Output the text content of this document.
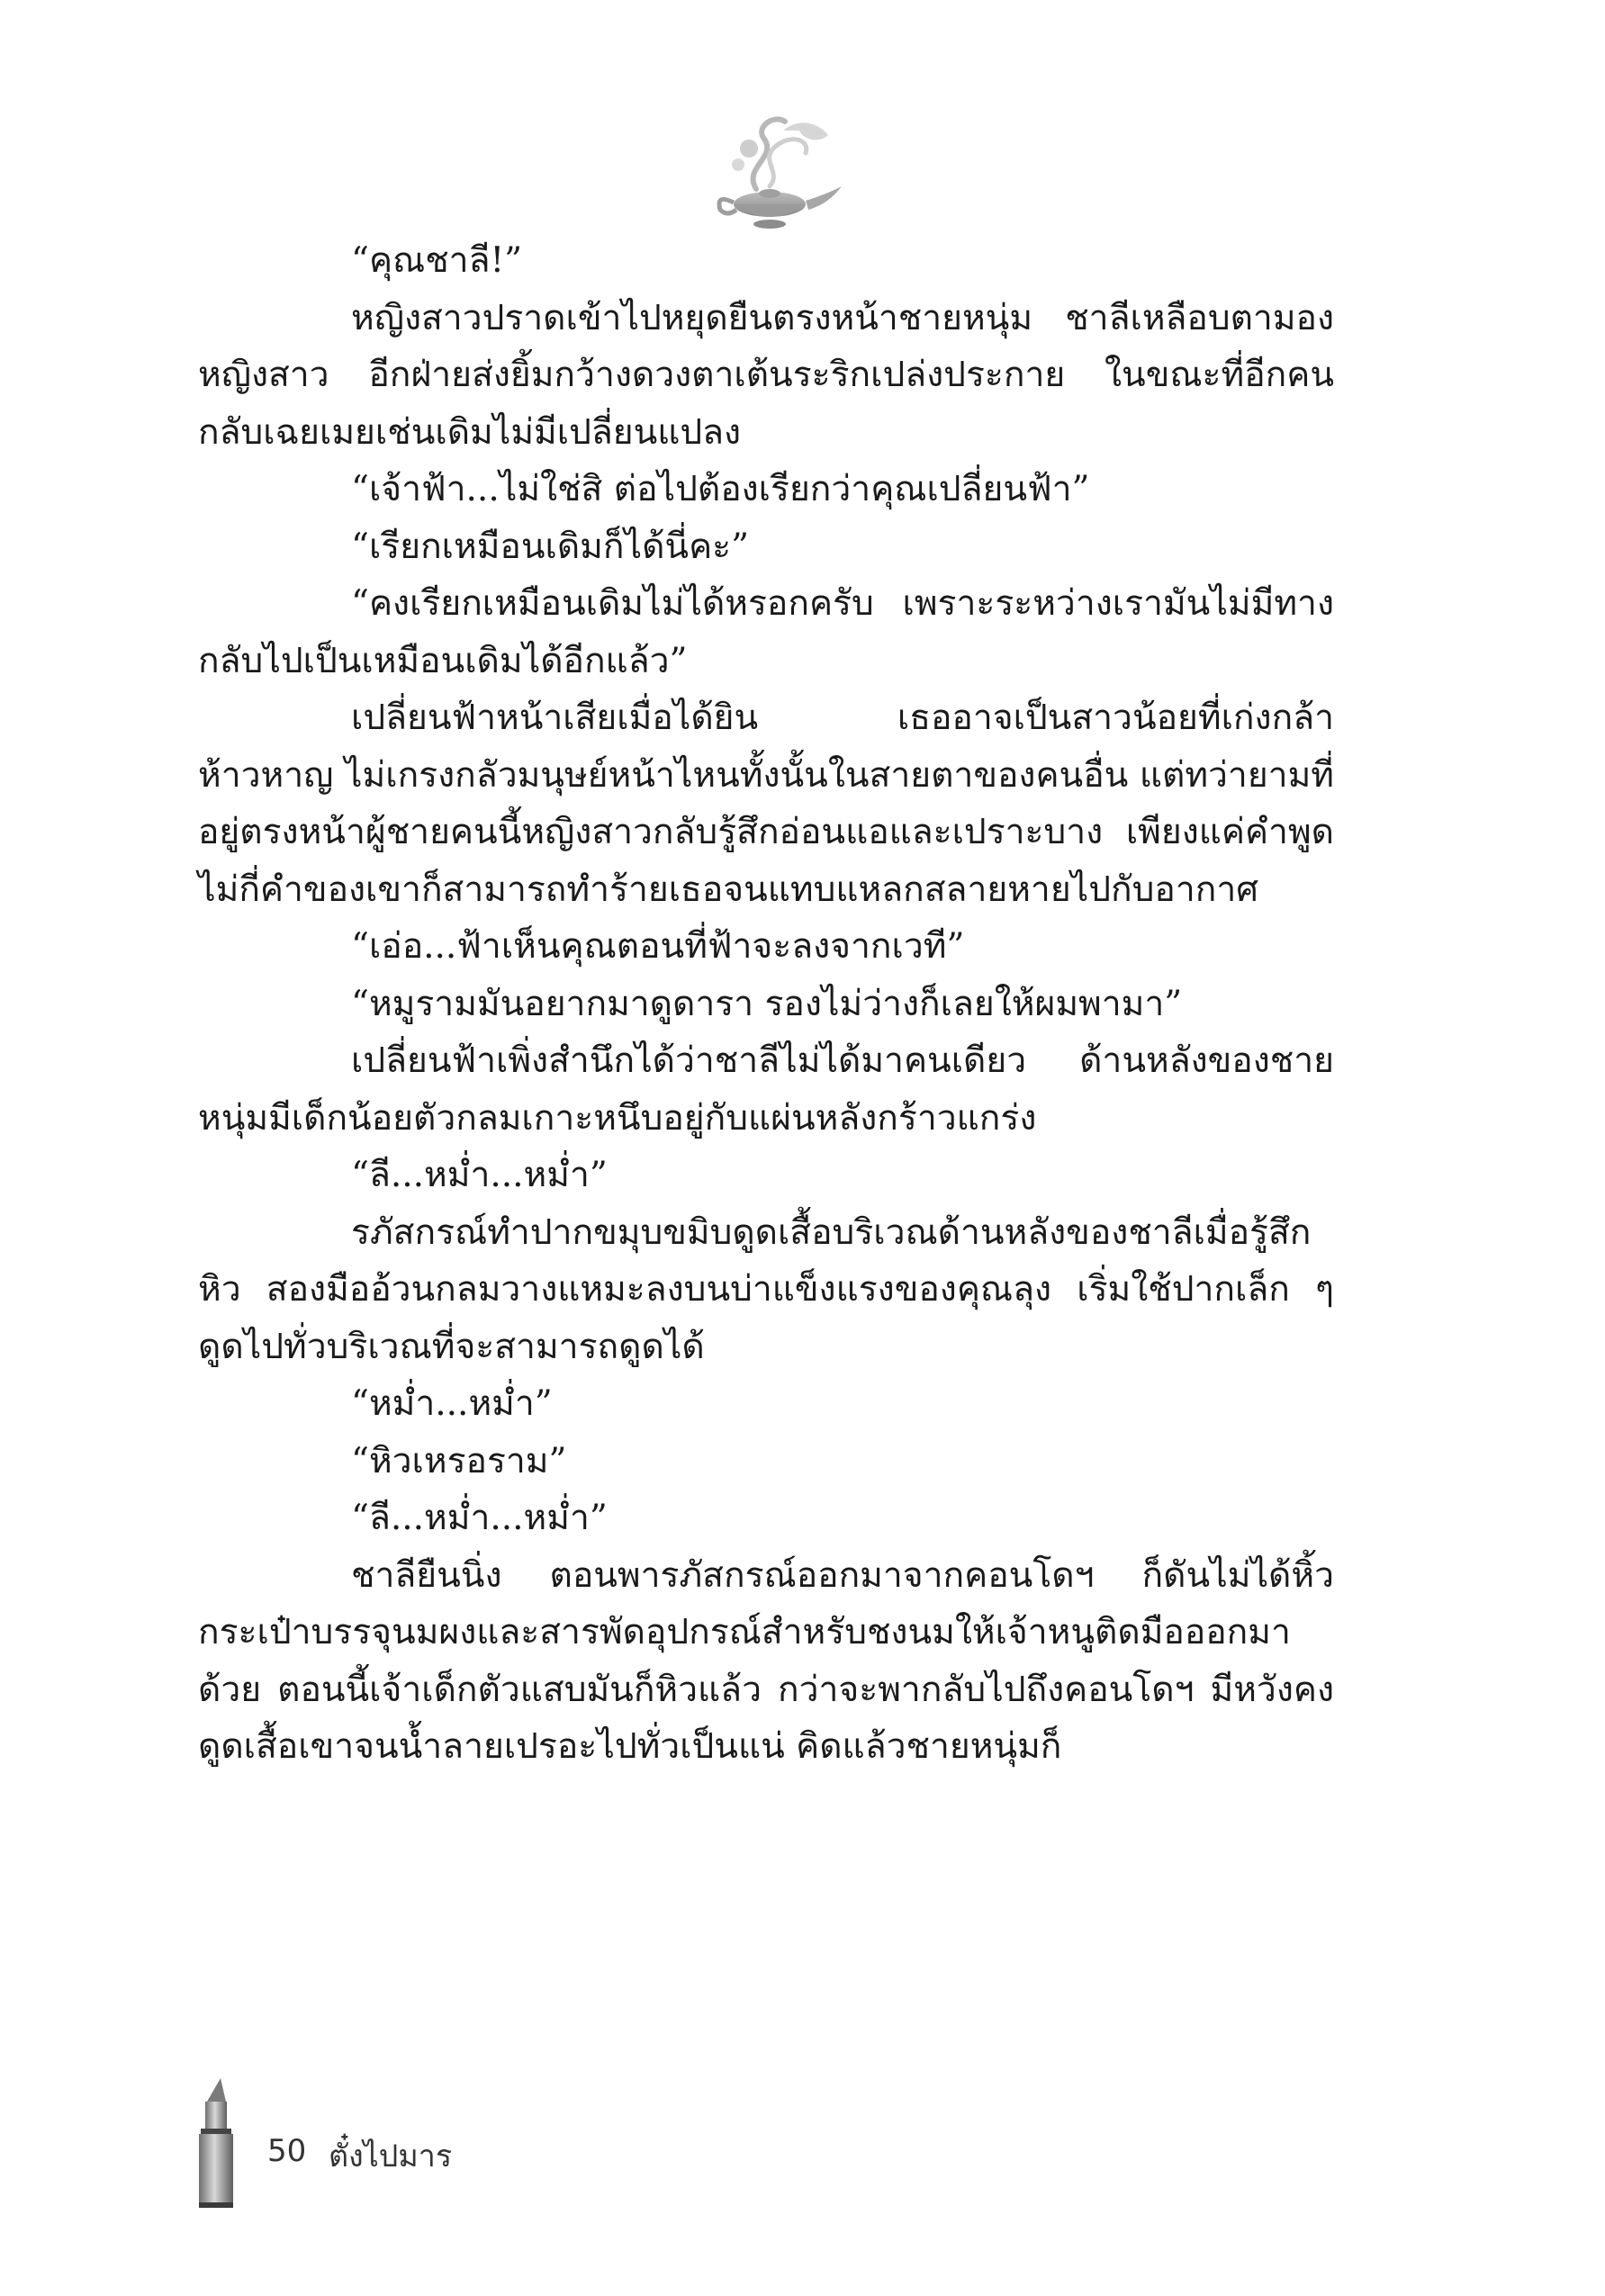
“คุณชาลี!”

หญิงสาวปราดเข้าไปหยุดยืนตรงหน้าชายหนุ่ม ชาลีเหลือบตามองหญิงสาว อีกฝ่ายส่งยิ้มกว้างดวงตาเต้นระริกเปล่งประกาย ในขณะที่อีกคนกลับเฉยเมยเช่นเดิมไม่มีเปลี่ยนแปลง

“เจ้าฟ้า...ไม่ใช่สิ ต่อไปต้องเรียกว่าคุณเปลี่ยนฟ้า”

“เรียกเหมือนเดิมก็ได้นี่คะ”

“คงเรียกเหมือนเดิมไม่ได้หรอกครับ เพราะระหว่างเรามันไม่มีทางกลับไปเป็นเหมือนเดิมได้อีกแล้ว”

เปลี่ยนฟ้าหน้าเสียเมื่อได้ยิน เธออาจเป็นสาวน้อยที่เก่งกล้าห้าวหาญ ไม่เกรงกลัวมนุษย์หน้าไหนทั้งนั้นในสายตาของคนอื่น แต่ทว่ายามที่อยู่ตรงหน้าผู้ชายคนนี้หญิงสาวกลับรู้สึกอ่อนแอและเปราะบาง เพียงแค่คำพูดไม่กี่คำของเขาก็สามารถทำร้ายเธอจนแทบแหลกสลายหายไปกับอากาศ

“เอ่อ...ฟ้าเห็นคุณตอนที่ฟ้าจะลงจากเวที”

“หมูรามมันอยากมาดูดารา รองไม่ว่างก็เลยให้ผมพามา”

เปลี่ยนฟ้าเพิ่งสำนึกได้ว่าชาลีไม่ได้มาคนเดียว ด้านหลังของชายหนุ่มมีเด็กน้อยตัวกลมเกาะหนึบอยู่กับแผ่นหลังกร้าวแกร่ง

“ลี...หม่ำ...หม่ำ”

รภัสกรณ์ทำปากขมุบขมิบดูดเสื้อบริเวณด้านหลังของชาลีเมื่อรู้สึกหิว สองมืออ้วนกลมวางแหมะลงบนบ่าแข็งแรงของคุณลุง เริ่มใช้ปากเล็ก ๆ ดูดไปทั่วบริเวณที่จะสามารถดูดได้

“หม่ำ...หม่ำ”

“หิวเหรอราม”

“ลี...หม่ำ...หม่ำ”

ชาลียืนนิ่ง ตอนพารภัสกรณ์ออกมาจากคอนโดฯ ก็ดันไม่ได้หิ้วกระเป๋าบรรจุนมผงและสารพัดอุปกรณ์สำหรับชงนมให้เจ้าหนูติดมือออกมาด้วย ตอนนี้เจ้าเด็กตัวแสบมันก็หิวแล้ว กว่าจะพากลับไปถึงคอนโดฯ มีหวังคงดูดเสื้อเขาจนน้ำลายเปรอะไปทั่วเป็นแน่ คิดแล้วชายหนุ่มก็

50 ตั๋งไปมาร
